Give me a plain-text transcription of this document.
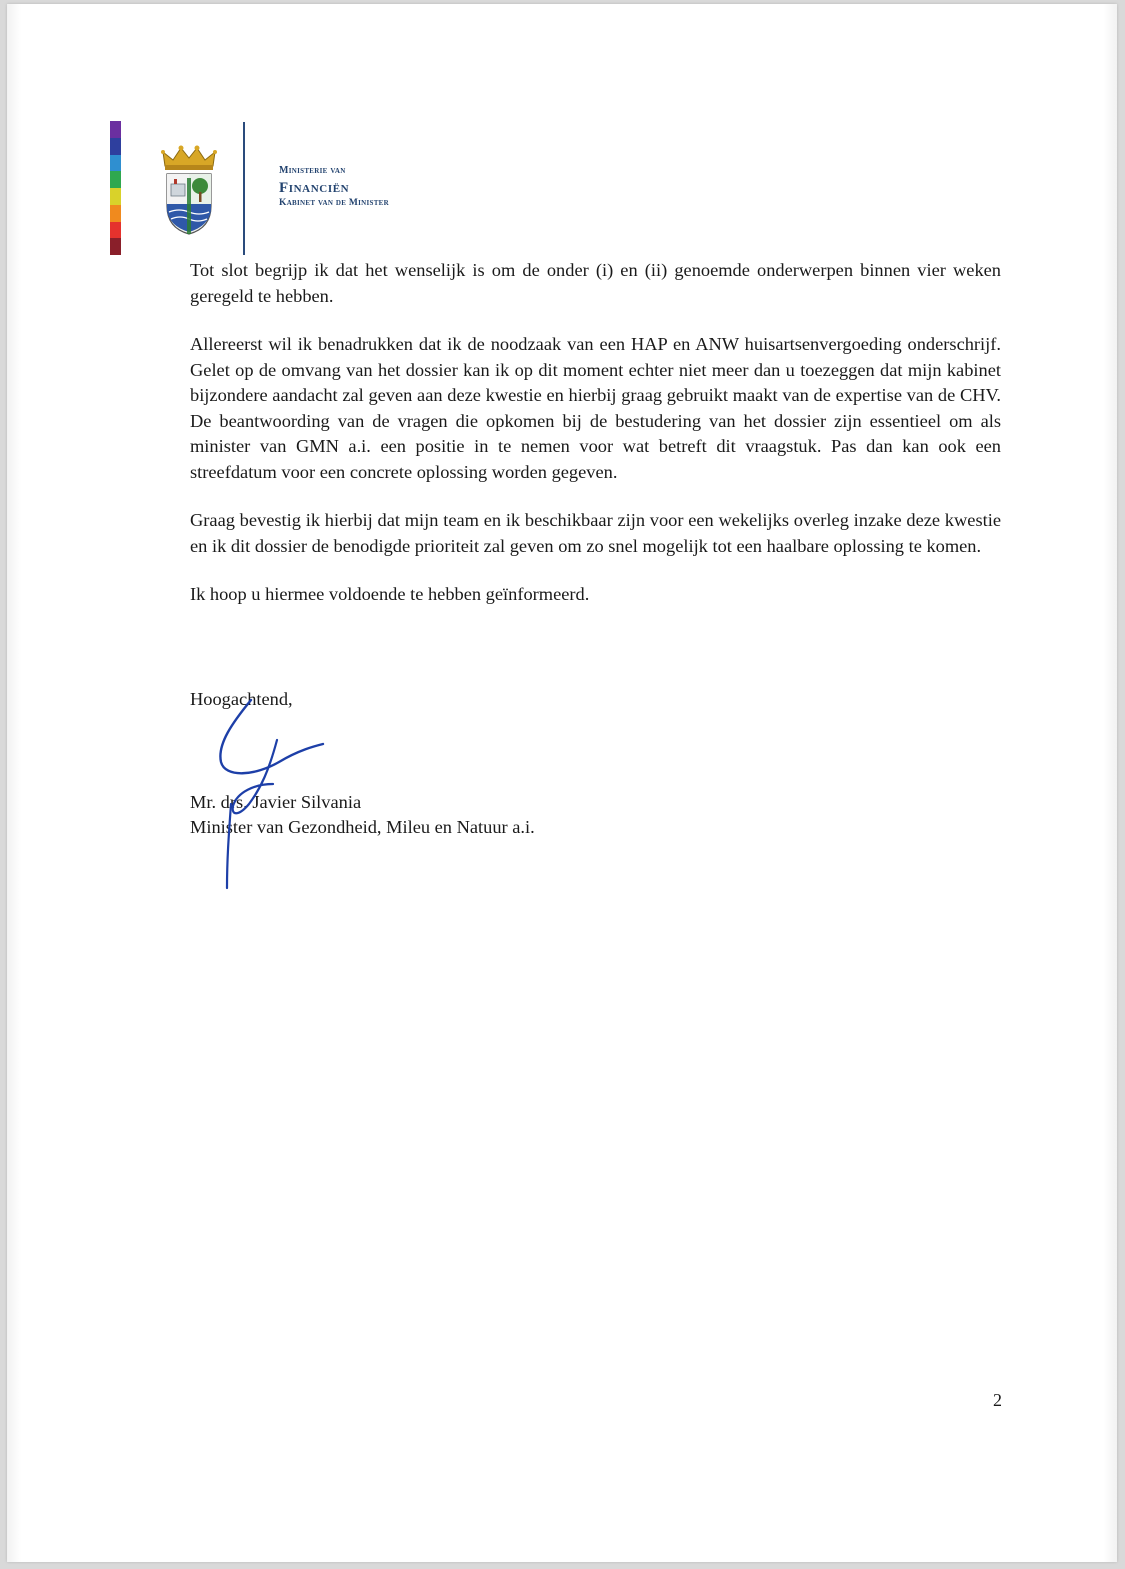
Ministerie van
Financiën
Kabinet van de Minister

Tot slot begrijp ik dat het wenselijk is om de onder (i) en (ii) genoemde onderwerpen binnen vier weken geregeld te hebben.

Allereerst wil ik benadrukken dat ik de noodzaak van een HAP en ANW huisartsenvergoeding onderschrijf. Gelet op de omvang van het dossier kan ik op dit moment echter niet meer dan u toezeggen dat mijn kabinet bijzondere aandacht zal geven aan deze kwestie en hierbij graag gebruikt maakt van de expertise van de CHV. De beantwoording van de vragen die opkomen bij de bestudering van het dossier zijn essentieel om als minister van GMN a.i. een positie in te nemen voor wat betreft dit vraagstuk. Pas dan kan ook een streefdatum voor een concrete oplossing worden gegeven.

Graag bevestig ik hierbij dat mijn team en ik beschikbaar zijn voor een wekelijks overleg inzake deze kwestie en ik dit dossier de benodigde prioriteit zal geven om zo snel mogelijk tot een haalbare oplossing te komen.

Ik hoop u hiermee voldoende te hebben geïnformeerd.

Hoogachtend,
Mr. drs. Javier Silvania
Minister van Gezondheid, Mileu en Natuur a.i.
2
